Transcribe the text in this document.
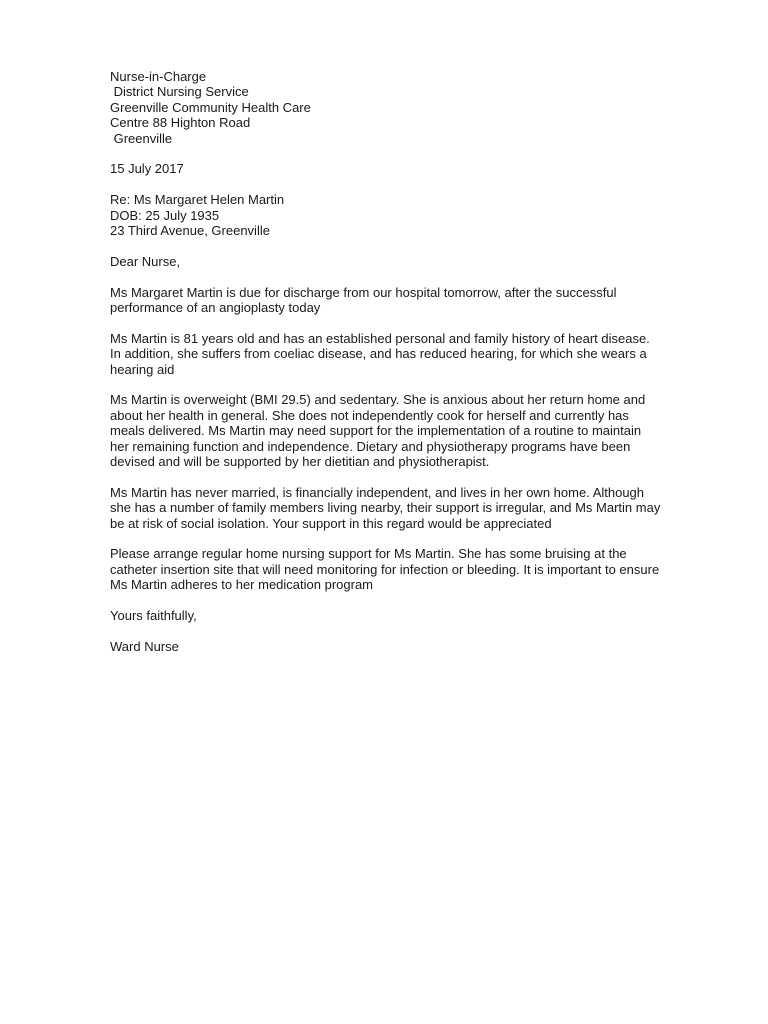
Nurse-in-Charge
District Nursing Service
Greenville Community Health Care
Centre 88 Highton Road
Greenville
15 July 2017
Re: Ms Margaret Helen Martin
DOB: 25 July 1935
23 Third Avenue, Greenville
Dear Nurse,
Ms Margaret Martin is due for discharge from our hospital tomorrow, after the successful
performance of an angioplasty today
Ms Martin is 81 years old and has an established personal and family history of heart disease.
In addition, she suffers from coeliac disease, and has reduced hearing, for which she wears a
hearing aid
Ms Martin is overweight (BMI 29.5) and sedentary. She is anxious about her return home and
about her health in general. She does not independently cook for herself and currently has
meals delivered. Ms Martin may need support for the implementation of a routine to maintain
her remaining function and independence. Dietary and physiotherapy programs have been
devised and will be supported by her dietitian and physiotherapist.
Ms Martin has never married, is financially independent, and lives in her own home. Although
she has a number of family members living nearby, their support is irregular, and Ms Martin may
be at risk of social isolation. Your support in this regard would be appreciated
Please arrange regular home nursing support for Ms Martin. She has some bruising at the
catheter insertion site that will need monitoring for infection or bleeding. It is important to ensure
Ms Martin adheres to her medication program
Yours faithfully,
Ward Nurse
